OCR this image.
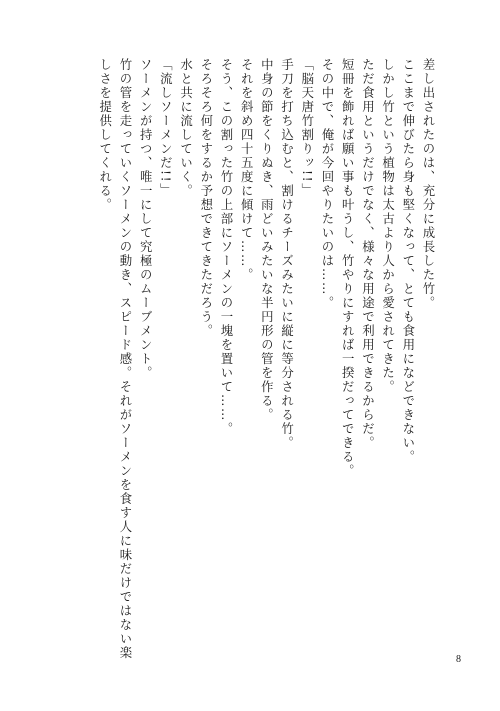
差し出されたのは、充分に成長した竹。
ここまで伸びたら身も堅くなって、とても食用になどできない。
しかし竹という植物は太古より人から愛されてきた。
ただ食用というだけでなく、様々な用途で利用できるからだ。
短冊を飾れば願い事も叶うし、竹やりにすれば一揆だってできる。
その中で、俺が今回やりたいのは……。
「脳天唐竹割りッ!!」
手刀を打ち込むと、割けるチーズみたいに縦に等分される竹。
中身の節をくりぬき、雨どいみたいな半円形の管を作る。
それを斜め四十五度に傾けて……。
そう、この割った竹の上部にソーメンの一塊を置いて……。
そろそろ何をするか予想できてきただろう。
水と共に流していく。
「流しソーメンだ!!」
ソーメンが持つ、唯一にして究極のムーブメント。
竹の管を走っていくソーメンの動き、スピード感。それがソーメンを食す人に味だけではない楽
しさを提供してくれる。
8
